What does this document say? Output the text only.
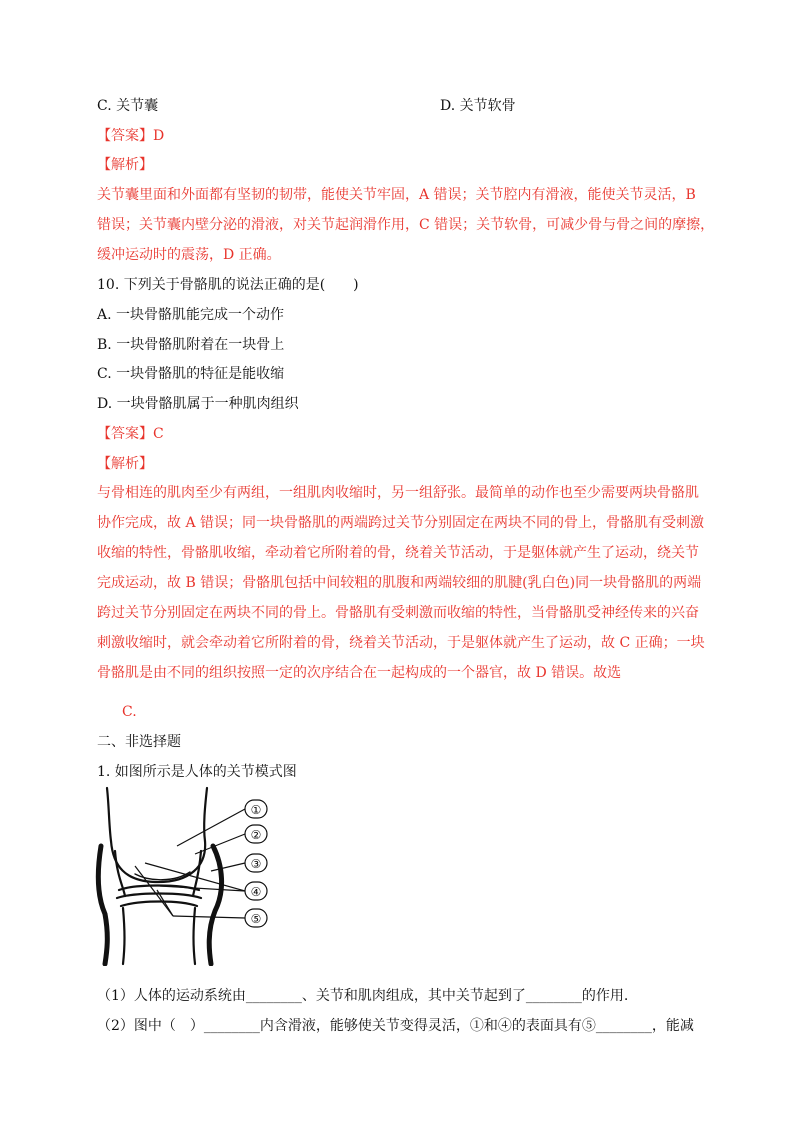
C. 关节囊	D. 关节软骨
【答案】D
【解析】
关节囊里面和外面都有坚韧的韧带，能使关节牢固，A 错误；关节腔内有滑液，能使关节灵活，B
错误；关节囊内壁分泌的滑液，对关节起润滑作用，C 错误；关节软骨，可减少骨与骨之间的摩擦，
缓冲运动时的震荡，D 正确。
10. 下列关于骨骼肌的说法正确的是(　　)
A. 一块骨骼肌能完成一个动作
B. 一块骨骼肌附着在一块骨上
C. 一块骨骼肌的特征是能收缩
D. 一块骨骼肌属于一种肌肉组织
【答案】C
【解析】
与骨相连的肌肉至少有两组，一组肌肉收缩时，另一组舒张。最简单的动作也至少需要两块骨骼肌
协作完成，故 A 错误；同一块骨骼肌的两端跨过关节分别固定在两块不同的骨上，骨骼肌有受刺激
收缩的特性，骨骼肌收缩，牵动着它所附着的骨，绕着关节活动，于是躯体就产生了运动，绕关节
完成运动，故 B 错误；骨骼肌包括中间较粗的肌腹和两端较细的肌腱(乳白色)同一块骨骼肌的两端
跨过关节分别固定在两块不同的骨上。骨骼肌有受刺激而收缩的特性，当骨骼肌受神经传来的兴奋
刺激收缩时，就会牵动着它所附着的骨，绕着关节活动，于是躯体就产生了运动，故 C 正确；一块
骨骼肌是由不同的组织按照一定的次序结合在一起构成的一个器官，故 D 错误。故选
C.
二、非选择题
1. 如图所示是人体的关节模式图
①
②
③
④
⑤
（1）人体的运动系统由________、关节和肌肉组成，其中关节起到了________的作用.
（2）图中（　）________内含滑液，能够使关节变得灵活，①和④的表面具有⑤________，能减
